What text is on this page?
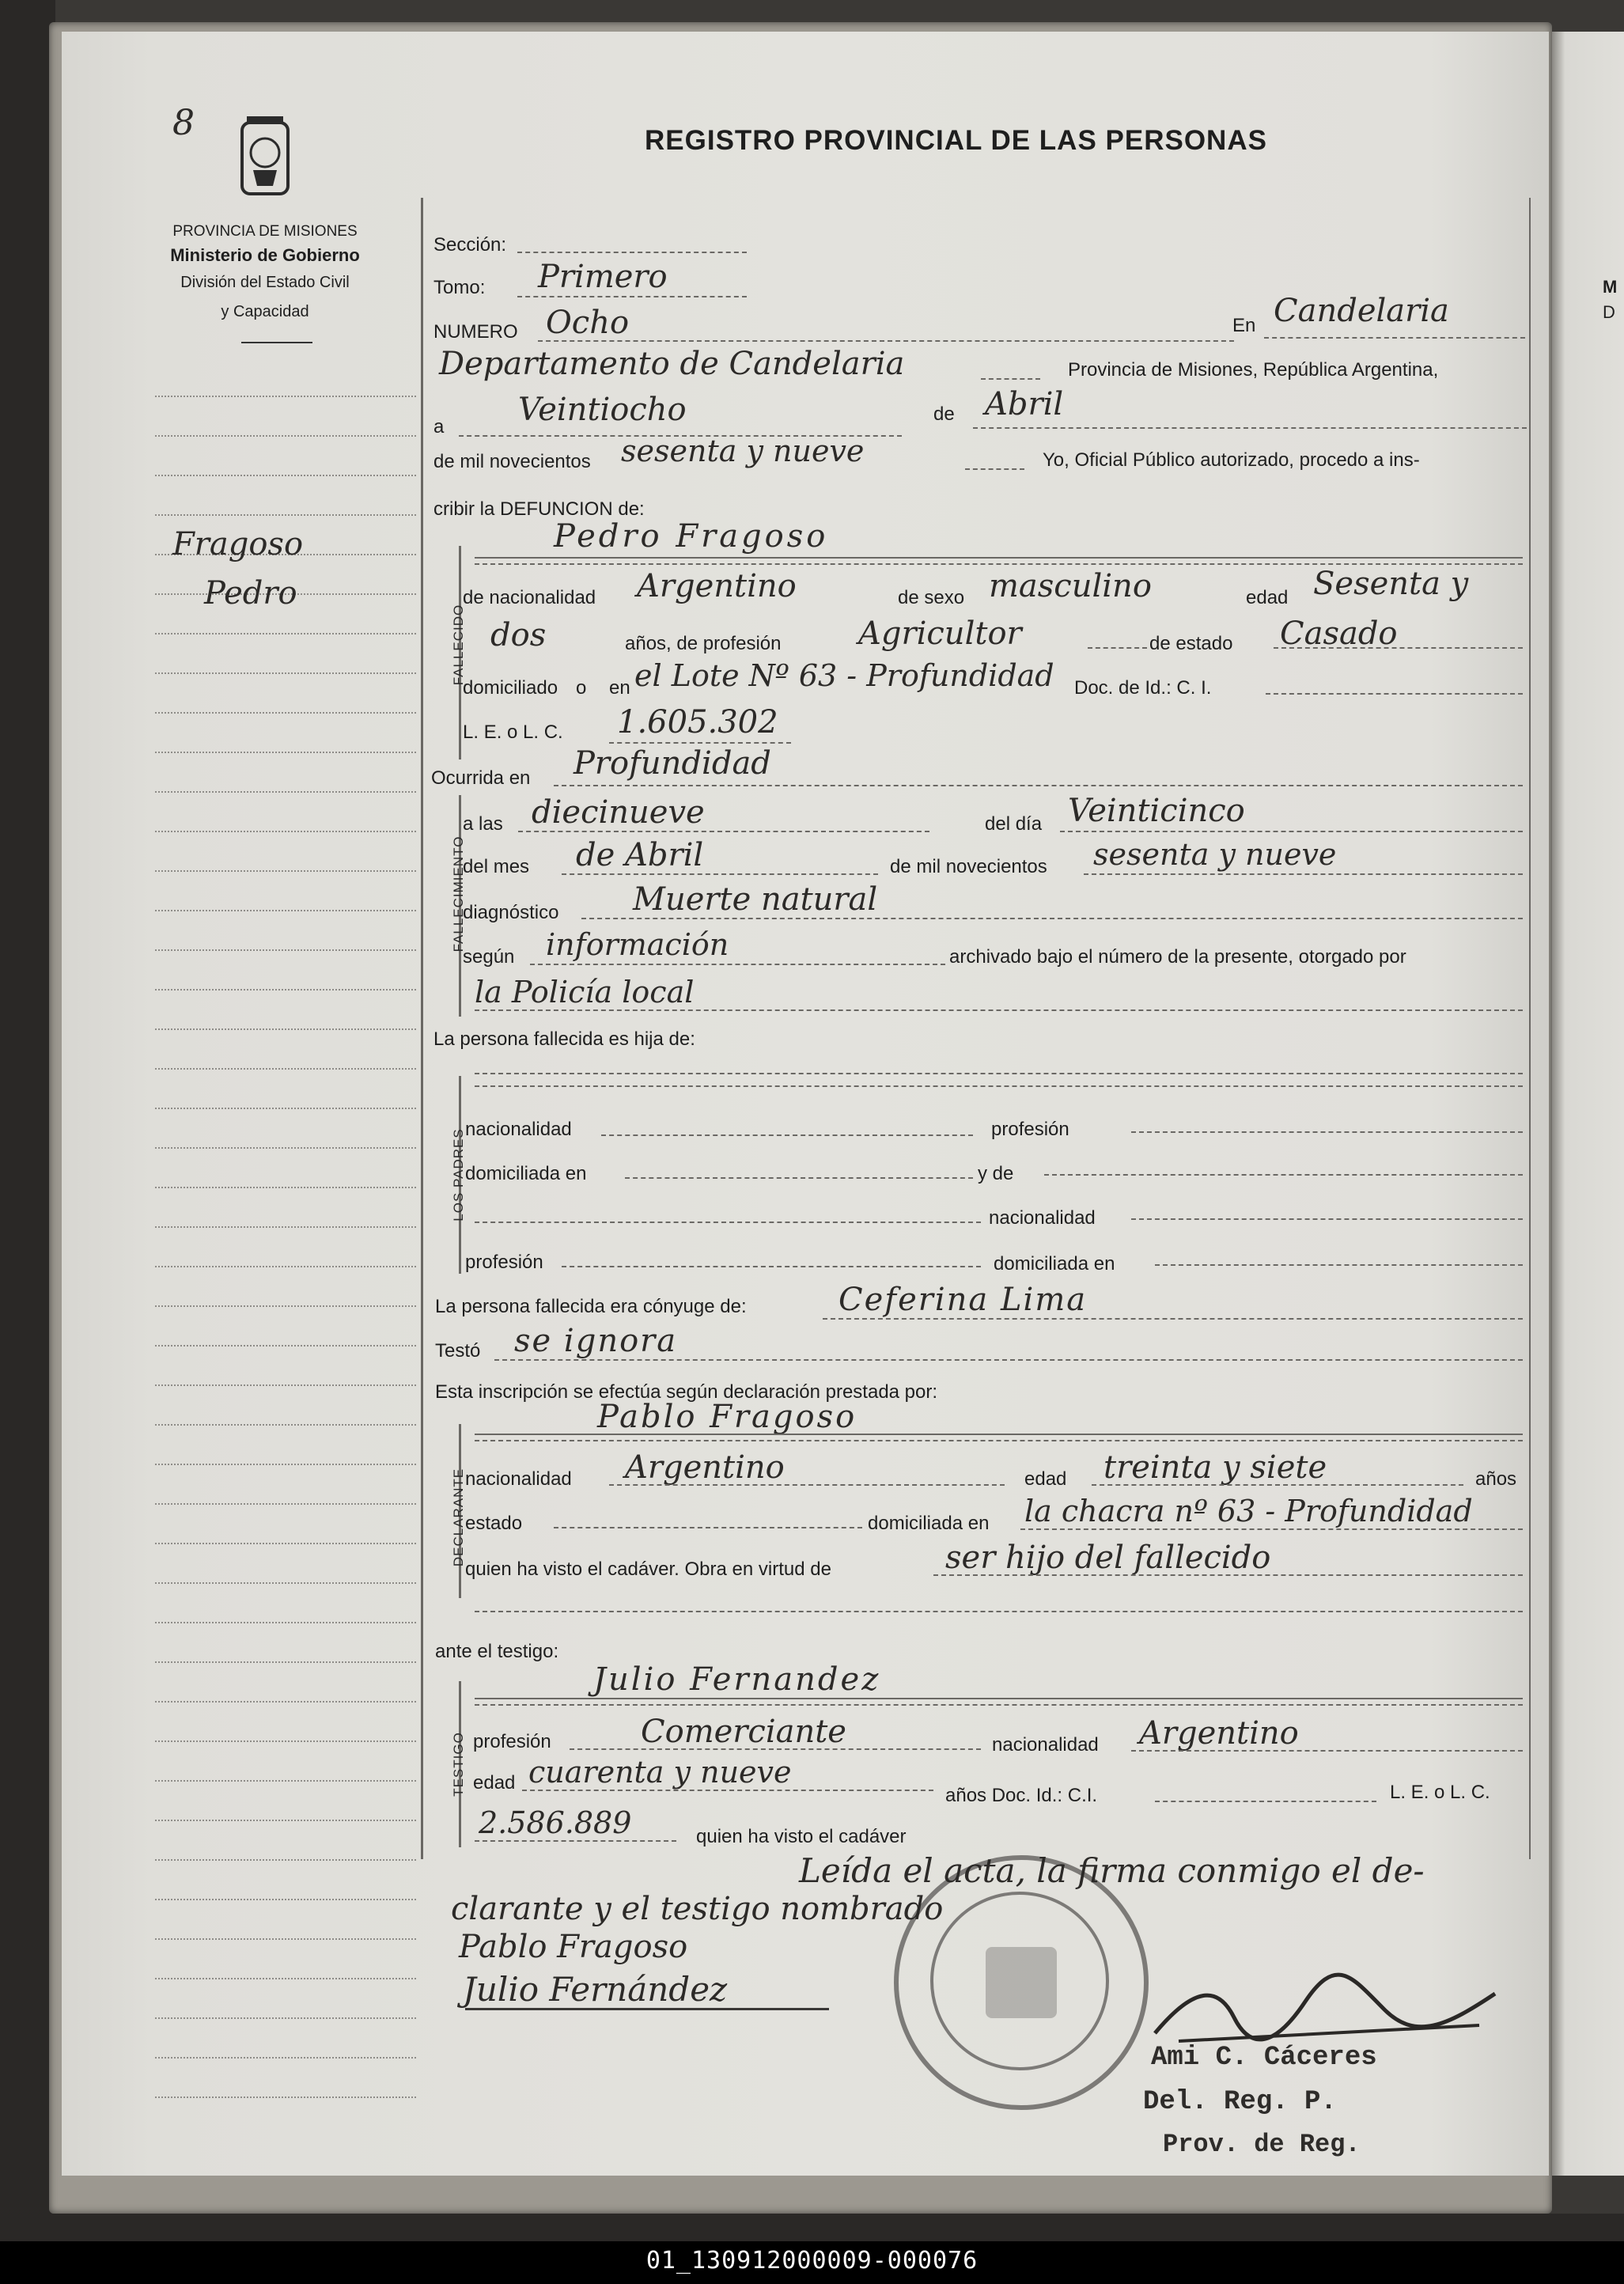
M
D
8
PROVINCIA DE MISIONES
Ministerio de Gobierno
División del Estado Civil
y Capacidad
REGISTRO PROVINCIAL DE LAS PERSONAS
Fragoso
Pedro
Sección:
Tomo: Primero
NUMERO Ocho	En Candelaria
Departamento de Candelaria	Provincia de Misiones, República Argentina,
a Veintiocho	de Abril
de mil novecientos sesenta y nueve	Yo, Oficial Público autorizado, procedo a ins-
cribir la DEFUNCION de:
FALLECIDO
Pedro Fragoso
de nacionalidad Argentino	de sexo masculino	edad Sesenta y
dos	años, de profesión Agricultor	de estado Casado
domiciliado o en el Lote Nº 63 - Profundidad Doc. de Id.: C. I.
L. E. o L. C. 1.605.302
Ocurrida en Profundidad
FALLECIMIENTO
a las diecinueve	del día Veinticinco
del mes de Abril	de mil novecientos sesenta y nueve
diagnóstico Muerte natural
según información	archivado bajo el número de la presente, otorgado por
la Policía local
La persona fallecida es hija de:
LOS PADRES nacionalidad	profesión
domiciliada en	y de
nacionalidad
profesión	domiciliada en
La persona fallecida era cónyuge de:	Ceferina Lima
Testó se ignora
Esta inscripción se efectúa según declaración prestada por:
DECLARANTE
Pablo Fragoso
nacionalidad Argentino	edad treinta y siete	años
estado	domiciliada en la chacra nº 63 - Profundidad
quien ha visto el cadáver. Obra en virtud de	ser hijo del fallecido
ante el testigo:
TESTIGO
Julio Fernandez
profesión	Comerciante	nacionalidad Argentino
edad cuarenta y nueve
años Doc. Id.: C.I.	L. E. o L. C.
2.586.889	quien ha visto el cadáver
Leída el acta, la firma conmigo el de-
clarante y el testigo nombrado
Pablo Fragoso
Julio Fernández
Ami C. Cáceres
Del. Reg. P.
Prov. de Reg.
01_130912000009-000076
